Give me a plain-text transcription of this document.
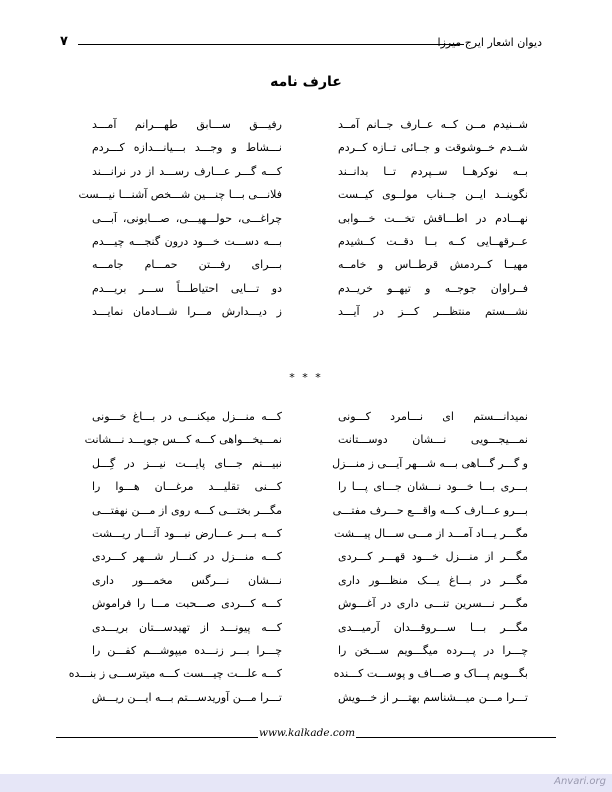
دیوان اشعار ایرج میرزا
۷
عارف نامه
شــنیدم مــن کــه عــارف جــانم آمــد
شــدم خــوشوقت و جــائی تــازه کــردم
بــه نوکرهــا ســپردم تــا بدانــند
نگوینــد ایــن جــناب مولــوی کیــست
نهـــادم در اطـــاقش تخـــت خـــوابی
عــرقهــایی کــه بــا دقــت کــشیدم
مهیــا کــردمش قرطــاس و خامــه
فــراوان جوجــه و تیهــو خریــدم
نشـــستم منتظـــر کـــز در آیـــد
رفیـــق ســـابق طهـــرانم آمـــد
نـــشاط و وجـــد بـــیانـــدازه کـــردم
کـــه گـــر عـــارف رســـد از در نرانـــند
فلانـــی بـــا چنـــین شـــخص آشنـــا نیـــست
چراغـــی، حولـــهیـــی، صـــابونی، آبـــی
بـــه دســـت خـــود درون گنجـــه چیـــدم
بـــرای رفـــتن حمـــام جامـــه
دو تـــایی احتیاطـــاً ســـر بریـــدم
ز دیـــدارش مـــرا شـــادمان نمایـــد
* * *
نمیدانـــستم ای نـــامرد کـــونی
نمـــیجـــویی نـــشان دوســـتانت
و گـــر گـــاهی بـــه شـــهر آیـــی ز منـــزل
بـــری بـــا خـــود نـــشان جـــای پـــا را
بـــرو عـــارف کـــه واقـــع حـــرف مفتـــی
مگـــر یـــاد آمـــد از مـــی ســـال پیـــشت
مگـــر از منـــزل خـــود قهـــر کـــردی
مگـــر در بـــاغ یـــک منظـــور داری
مگـــر نـــسرین تنـــی داری در آغـــوش
مگـــر بـــا ســـروقـــدان آرمیـــدی
چـــرا در پـــرده میگـــویم ســـخن را
بگـــویم پـــاک و صـــاف و پوســـت کـــنده
تـــرا مـــن میـــشناسم بهتـــر از خـــویش
کـــه منـــزل میکنـــی در بـــاغ خـــونی
نمـــیخـــواهی کـــه کـــس جویـــد نـــشانت
نبیـــنم جـــای پایـــت نیـــز در گِـــل
کـــنی تقلیـــد مرغـــان هـــوا را
مگـــر بختـــی کـــه روی از مـــن نهفتـــی
کـــه بـــر عـــارض نبـــود آثـــار ریـــشت
کـــه منـــزل در کنـــار شـــهر کـــردی
نـــشان نـــرگس مخمـــور داری
کـــه کـــردی صـــحبت مـــا را فراموش
کـــه پیونـــد از تهیدســـتان بریـــدی
چـــرا بـــر زنـــده میپوشـــم کفـــن را
کـــه علـــت چیـــست کـــه میترســـی ز بنـــده
تـــرا مـــن آوریدســـتم بـــه ایـــن ریـــش
www.kalkade.com
Anvari.org
